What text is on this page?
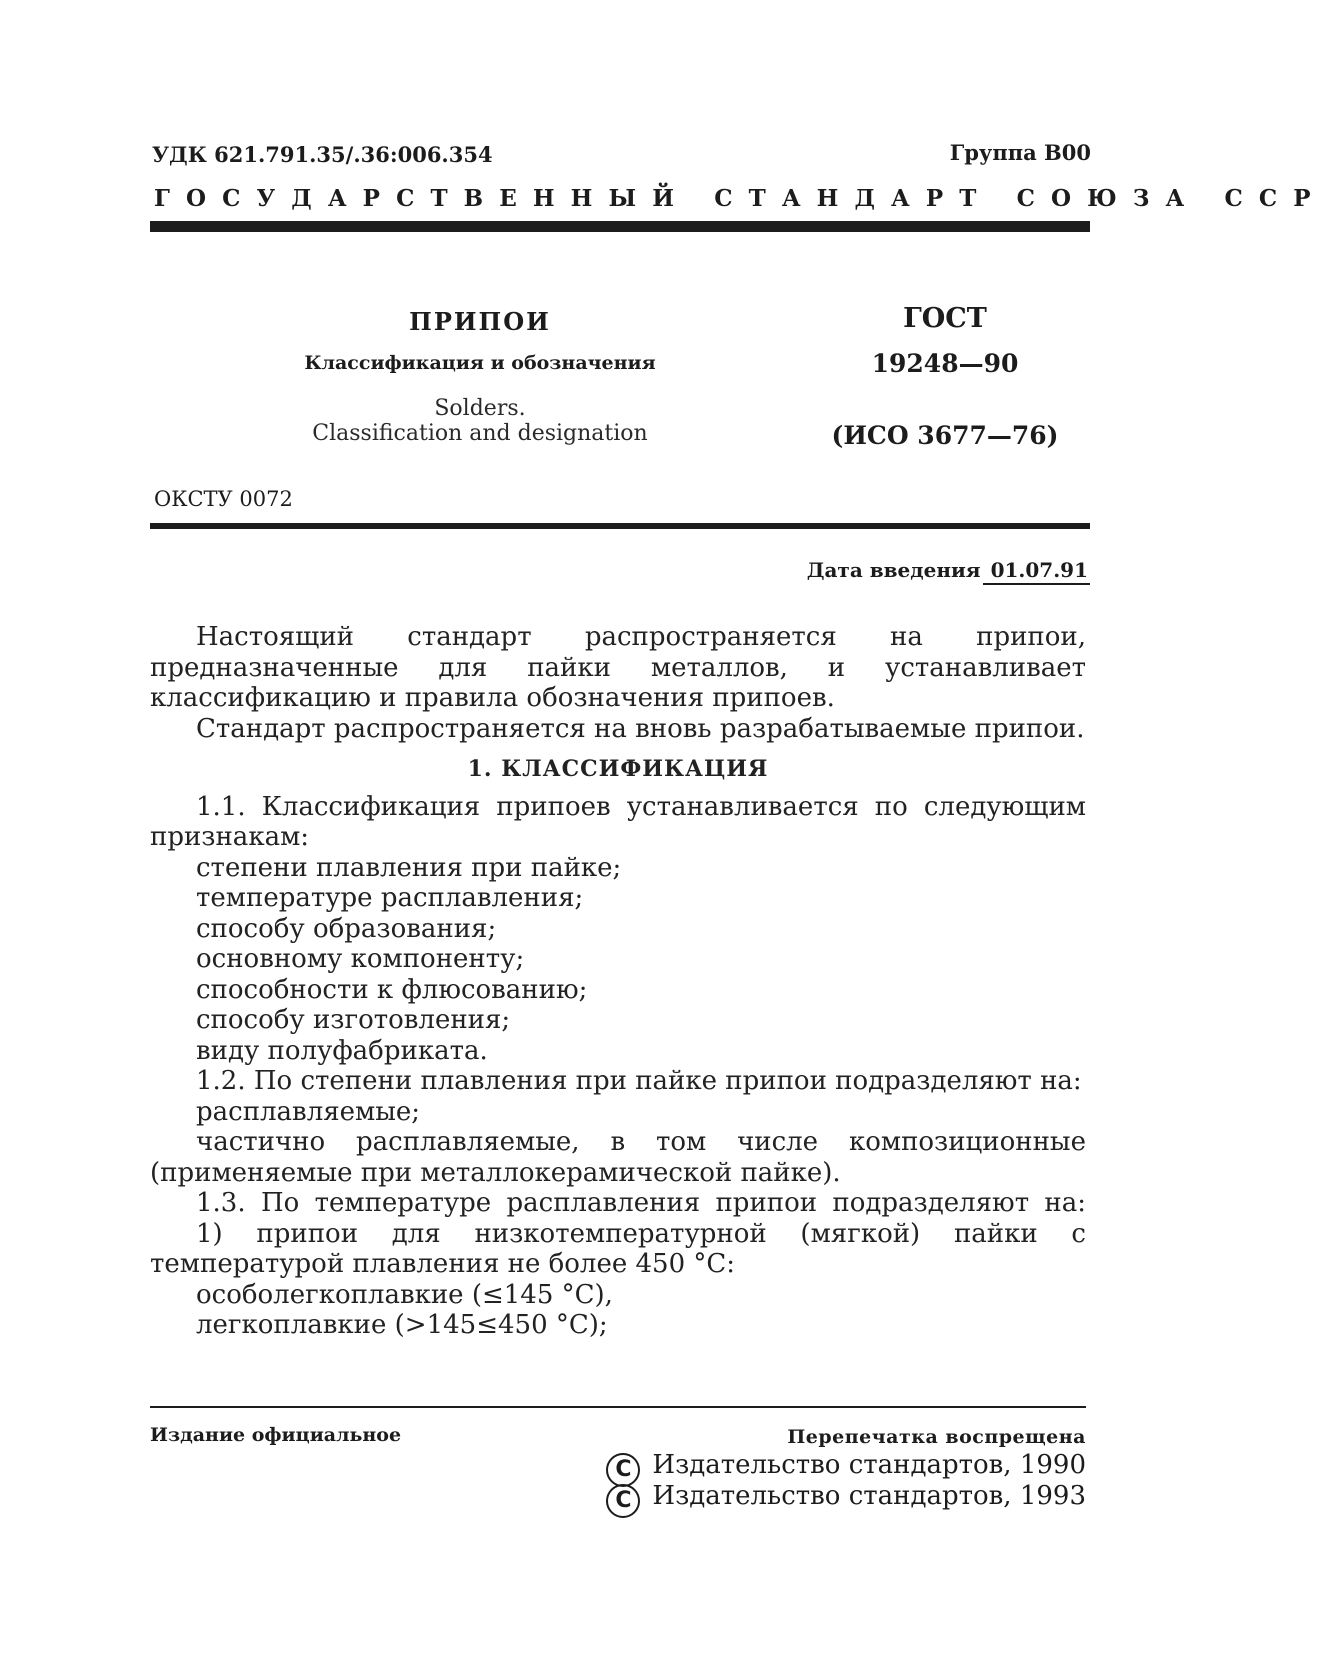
УДК 621.791.35/.36:006.354	Группа В00
ГОСУДАРСТВЕННЫЙ СТАНДАРТ СОЮЗА ССР
ПРИПОИ
Классификация и обозначения
Solders.
Classification and designation
ГОСТ
19248—90
(ИСО 3677—76)
ОКСТУ 0072
Дата введения 01.07.91

Настоящий стандарт распространяется на припои, предназначенные для пайки металлов, и устанавливает классификацию и правила обозначения припоев.

Стандарт распространяется на вновь разрабатываемые припои.

1. КЛАССИФИКАЦИЯ

1.1. Классификация припоев устанавливается по следующим признакам:

степени плавления при пайке;

температуре расплавления;

способу образования;

основному компоненту;

способности к флюсованию;

способу изготовления;

виду полуфабриката.

1.2. По степени плавления при пайке припои подразделяют на:

расплавляемые;

частично расплавляемые, в том числе композиционные (применяемые при металлокерамической пайке).

1.3. По температуре расплавления припои подразделяют на:

1) припои для низкотемпературной (мягкой) пайки с температурой плавления не более 450 °С:

особолегкоплавкие (≤145 °С),

легкоплавкие (>145≤450 °С);

Издание официальное	Перепечатка воспрещена
С Издательство стандартов, 1990
С Издательство стандартов, 1993
